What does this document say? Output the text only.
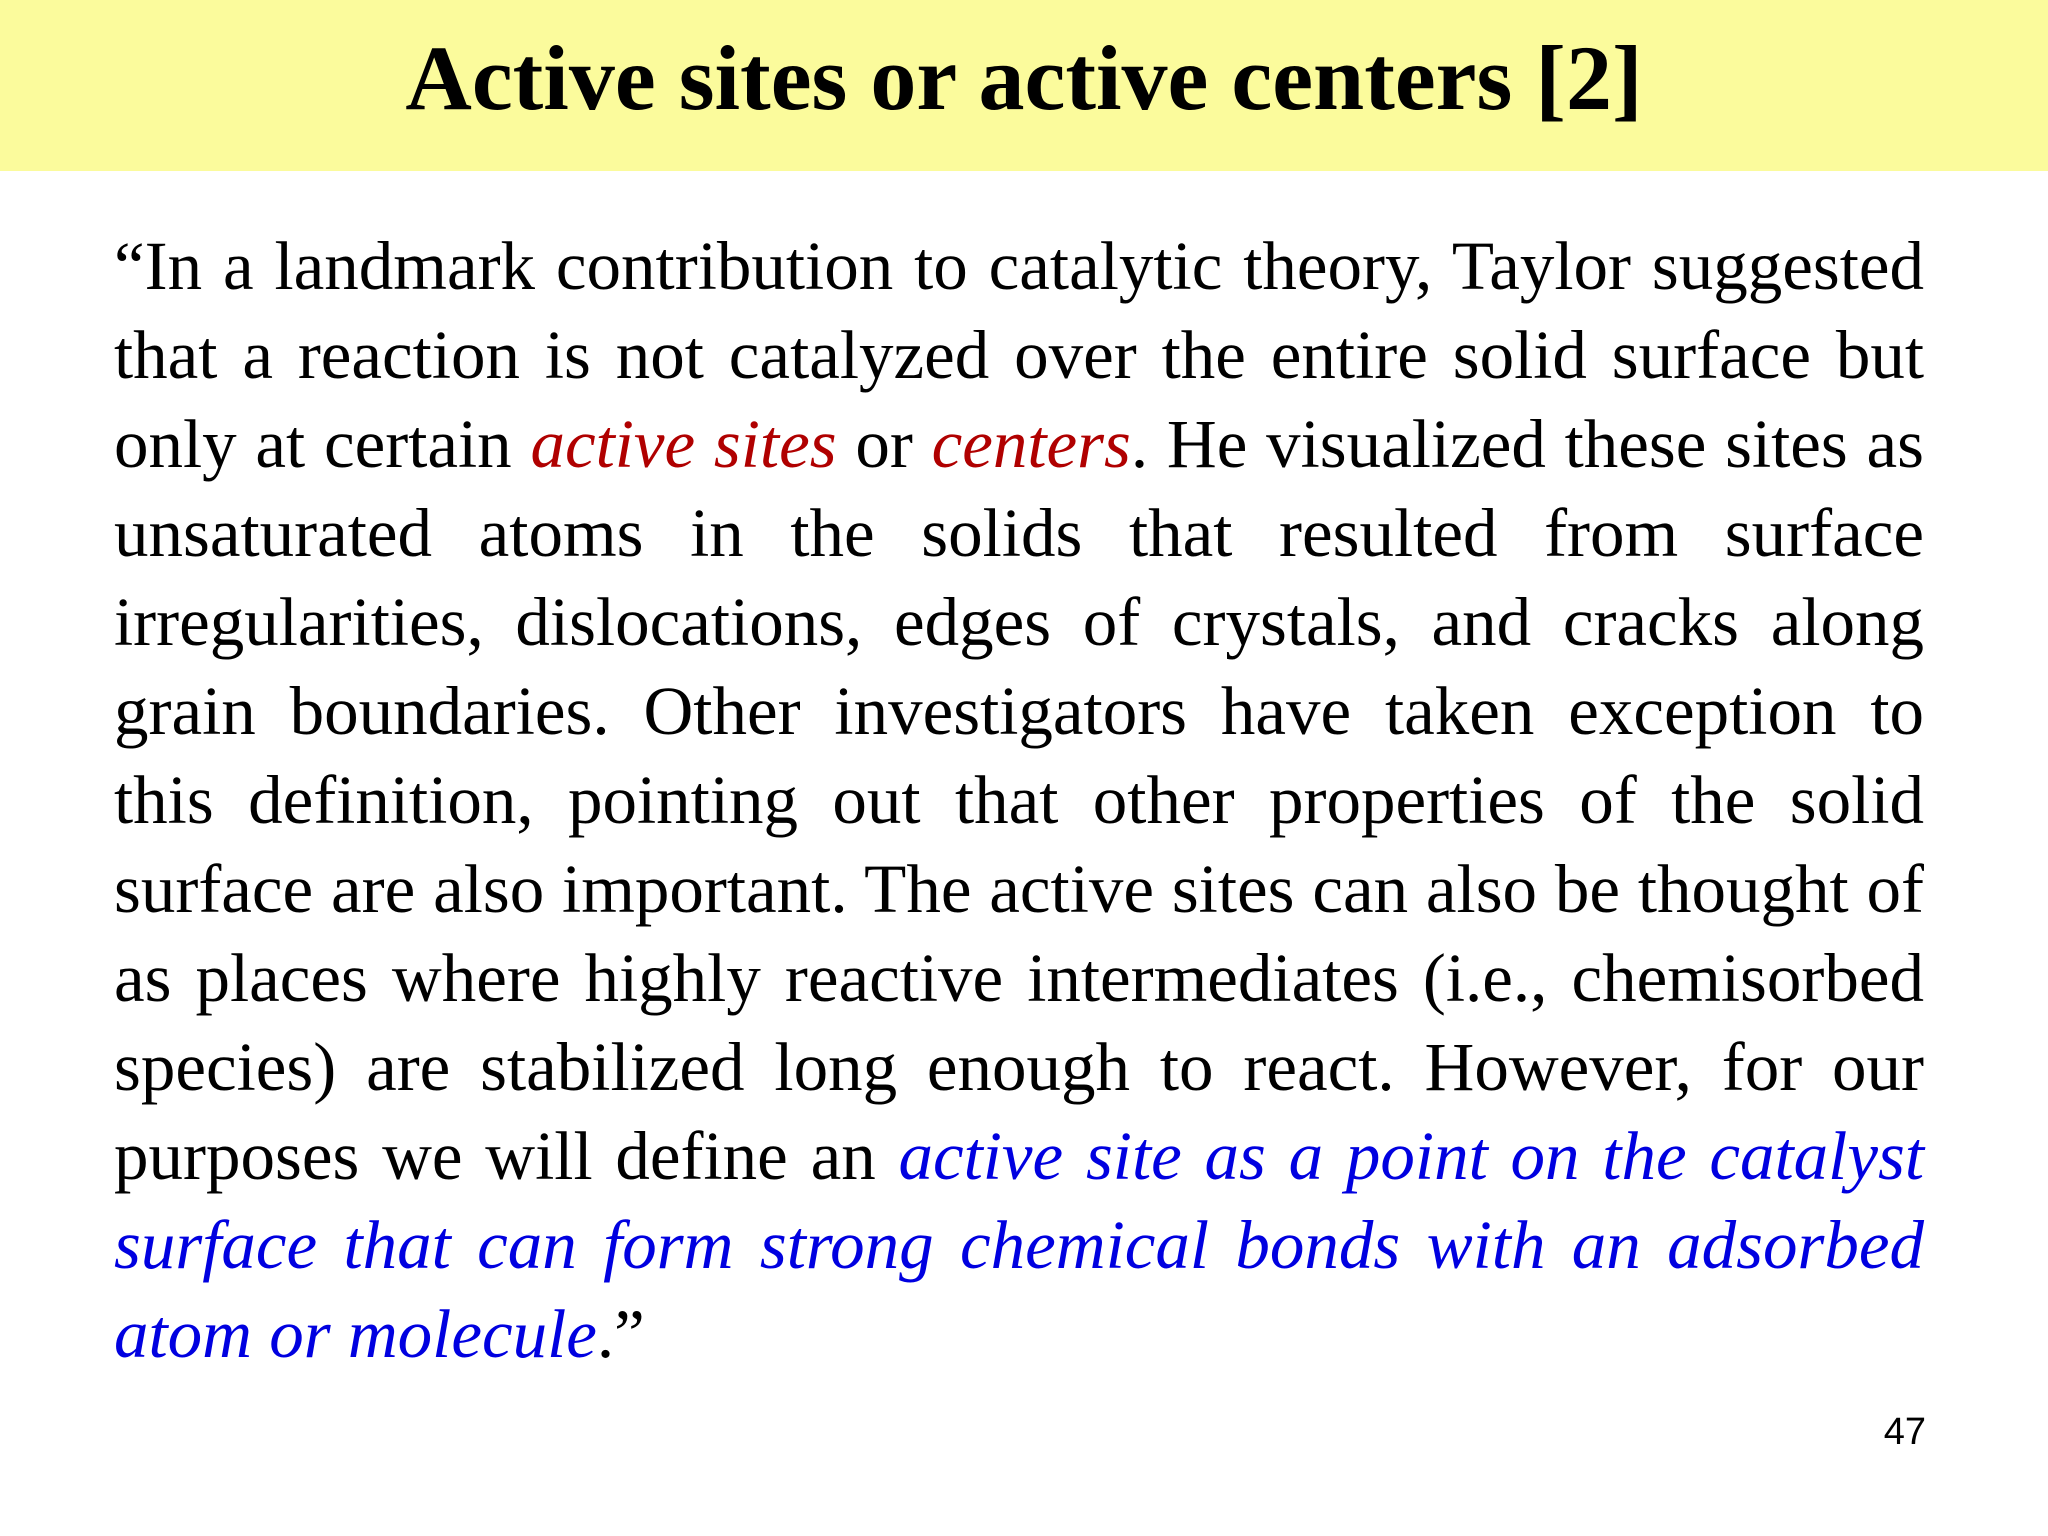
Active sites or active centers [2]

“In a landmark contribution to catalytic theory, Taylor suggested that a reaction is not catalyzed over the entire solid surface but only at certain active sites or centers. He visualized these sites as unsaturated atoms in the solids that resulted from surface irregularities, dislocations, edges of crystals, and cracks along grain boundaries. Other investigators have taken exception to this definition, pointing out that other properties of the solid surface are also important. The active sites can also be thought of as places where highly reactive intermediates (i.e., chemisorbed species) are stabilized long enough to react. However, for our purposes we will define an active site as a point on the catalyst surface that can form strong chemical bonds with an adsorbed atom or molecule.”

47
